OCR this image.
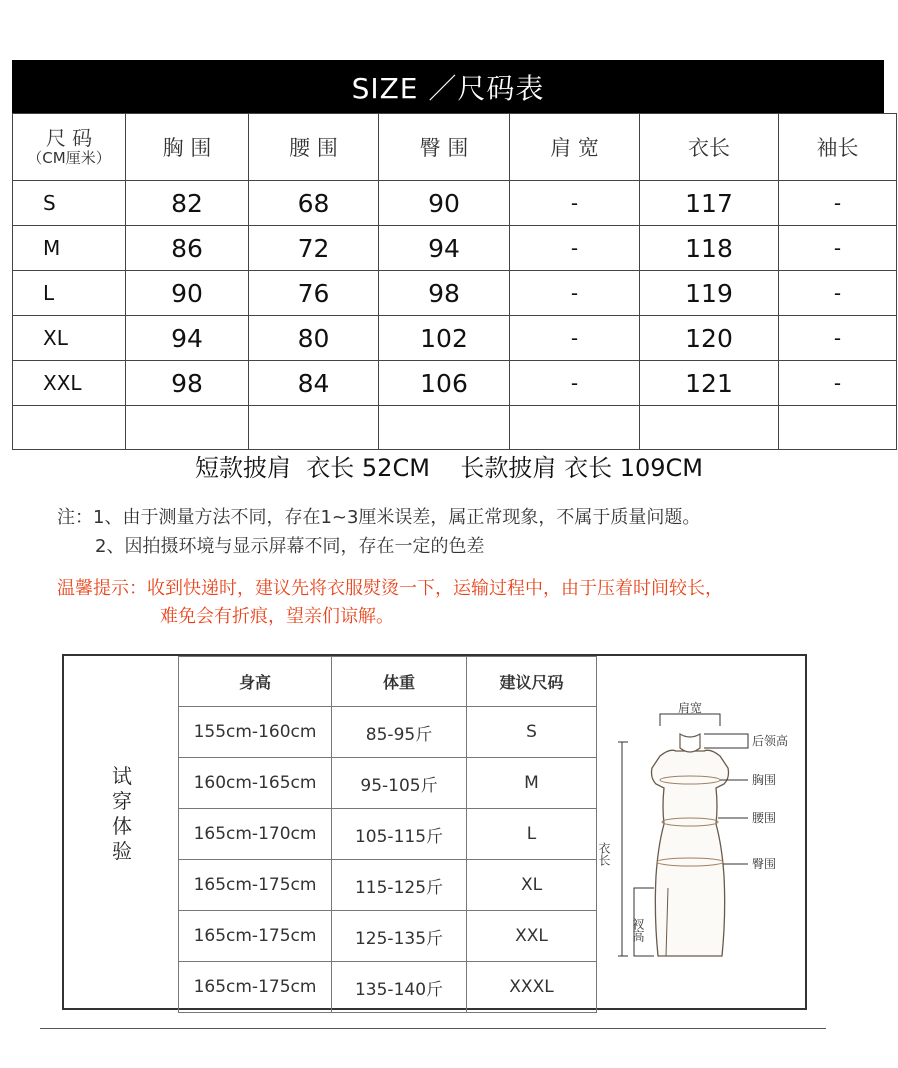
SIZE ／尺码表
尺 码
（CM厘米）	胸 围	腰 围	臀 围	肩 宽	衣长	袖长
S	82	68	90	-	117	-
M	86	72	94	-	118	-
L	90	76	98	-	119	-
XL	94	80	102	-	120	-
XXL	98	84	106	-	121	-

短款披肩  衣长 52CM    长款披肩 衣长 109CM
注：1、由于测量方法不同，存在1~3厘米误差，属正常现象，不属于质量问题。
2、因拍摄环境与显示屏幕不同，存在一定的色差
温馨提示：收到快递时，建议先将衣服熨烫一下，运输过程中，由于压着时间较长，
难免会有折痕，望亲们谅解。
试穿体验
身高	体重	建议尺码
155cm-160cm	85-95斤	S
160cm-165cm	95-105斤	M
165cm-170cm	105-115斤	L
165cm-175cm	115-125斤	XL
165cm-175cm	125-135斤	XXL
165cm-175cm	135-140斤	XXXL
肩宽
后领高
胸围
腰围
臀围
衣长
衩高
